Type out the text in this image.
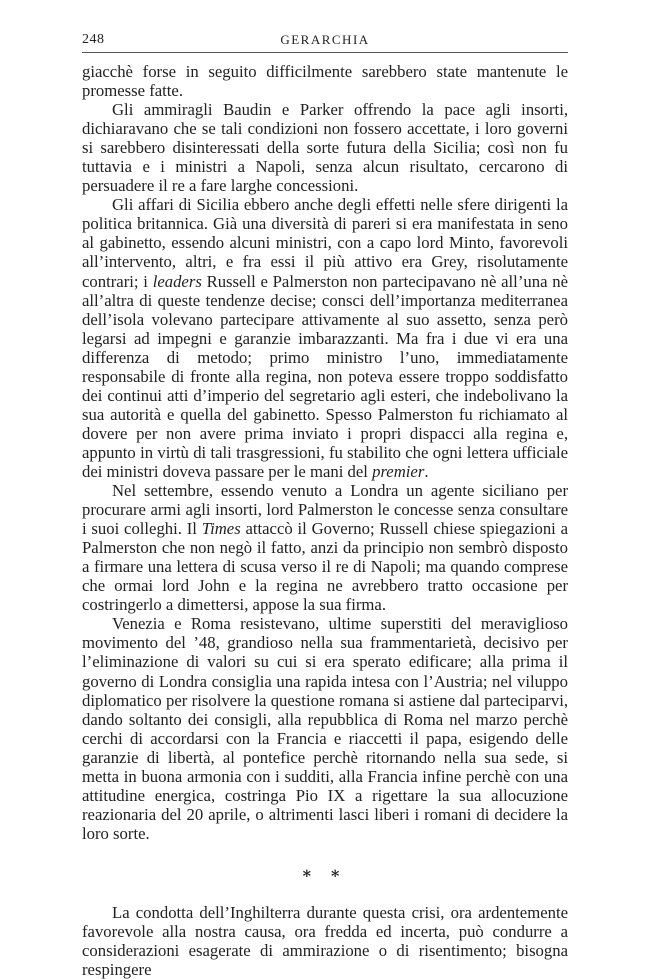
248	GERARCHIA

giacchè forse in seguito difficilmente sarebbero state mantenute le promesse fatte.

Gli ammiragli Baudin e Parker offrendo la pace agli insorti, dichiaravano che se tali condizioni non fossero accettate, i loro governi si sarebbero disinteressati della sorte futura della Sicilia; così non fu tuttavia e i ministri a Napoli, senza alcun risultato, cercarono di persuadere il re a fare larghe concessioni.

Gli affari di Sicilia ebbero anche degli effetti nelle sfere dirigenti la politica britannica. Già una diversità di pareri si era manifestata in seno al gabinetto, essendo alcuni ministri, con a capo lord Minto, favorevoli all’intervento, altri, e fra essi il più attivo era Grey, risolutamente contrari; i leaders Russell e Palmerston non partecipavano nè all’una nè all’altra di queste tendenze decise; consci dell’importanza mediterranea dell’isola volevano partecipare attivamente al suo assetto, senza però legarsi ad impegni e garanzie imbarazzanti. Ma fra i due vi era una differenza di metodo; primo ministro l’uno, immediatamente responsabile di fronte alla regina, non poteva essere troppo soddisfatto dei continui atti d’imperio del segretario agli esteri, che indebolivano la sua autorità e quella del gabinetto. Spesso Palmerston fu richiamato al dovere per non avere prima inviato i propri dispacci alla regina e, appunto in virtù di tali trasgressioni, fu stabilito che ogni lettera ufficiale dei ministri doveva passare per le mani del premier.

Nel settembre, essendo venuto a Londra un agente siciliano per procurare armi agli insorti, lord Palmerston le concesse senza consultare i suoi colleghi. Il Times attaccò il Governo; Russell chiese spiegazioni a Palmerston che non negò il fatto, anzi da principio non sembrò disposto a firmare una lettera di scusa verso il re di Napoli; ma quando comprese che ormai lord John e la regina ne avrebbero tratto occasione per costringerlo a dimettersi, appose la sua firma.

Venezia e Roma resistevano, ultime superstiti del meraviglioso movimento del ’48, grandioso nella sua frammentarietà, decisivo per l’eliminazione di valori su cui si era sperato edificare; alla prima il governo di Londra consiglia una rapida intesa con l’Austria; nel viluppo diplomatico per risolvere la questione romana si astiene dal parteciparvi, dando soltanto dei consigli, alla repubblica di Roma nel marzo perchè cerchi di accordarsi con la Francia e riaccetti il papa, esigendo delle garanzie di libertà, al pontefice perchè ritornando nella sua sede, si metta in buona armonia con i sudditi, alla Francia infine perchè con una attitudine energica, costringa Pio IX a rigettare la sua allocuzione reazionaria del 20 aprile, o altrimenti lasci liberi i romani di decidere la loro sorte.

⁎ ⁎

La condotta dell’Inghilterra durante questa crisi, ora ardentemente favorevole alla nostra causa, ora fredda ed incerta, può condurre a considerazioni esagerate di ammirazione o di risentimento; bisogna respingere
